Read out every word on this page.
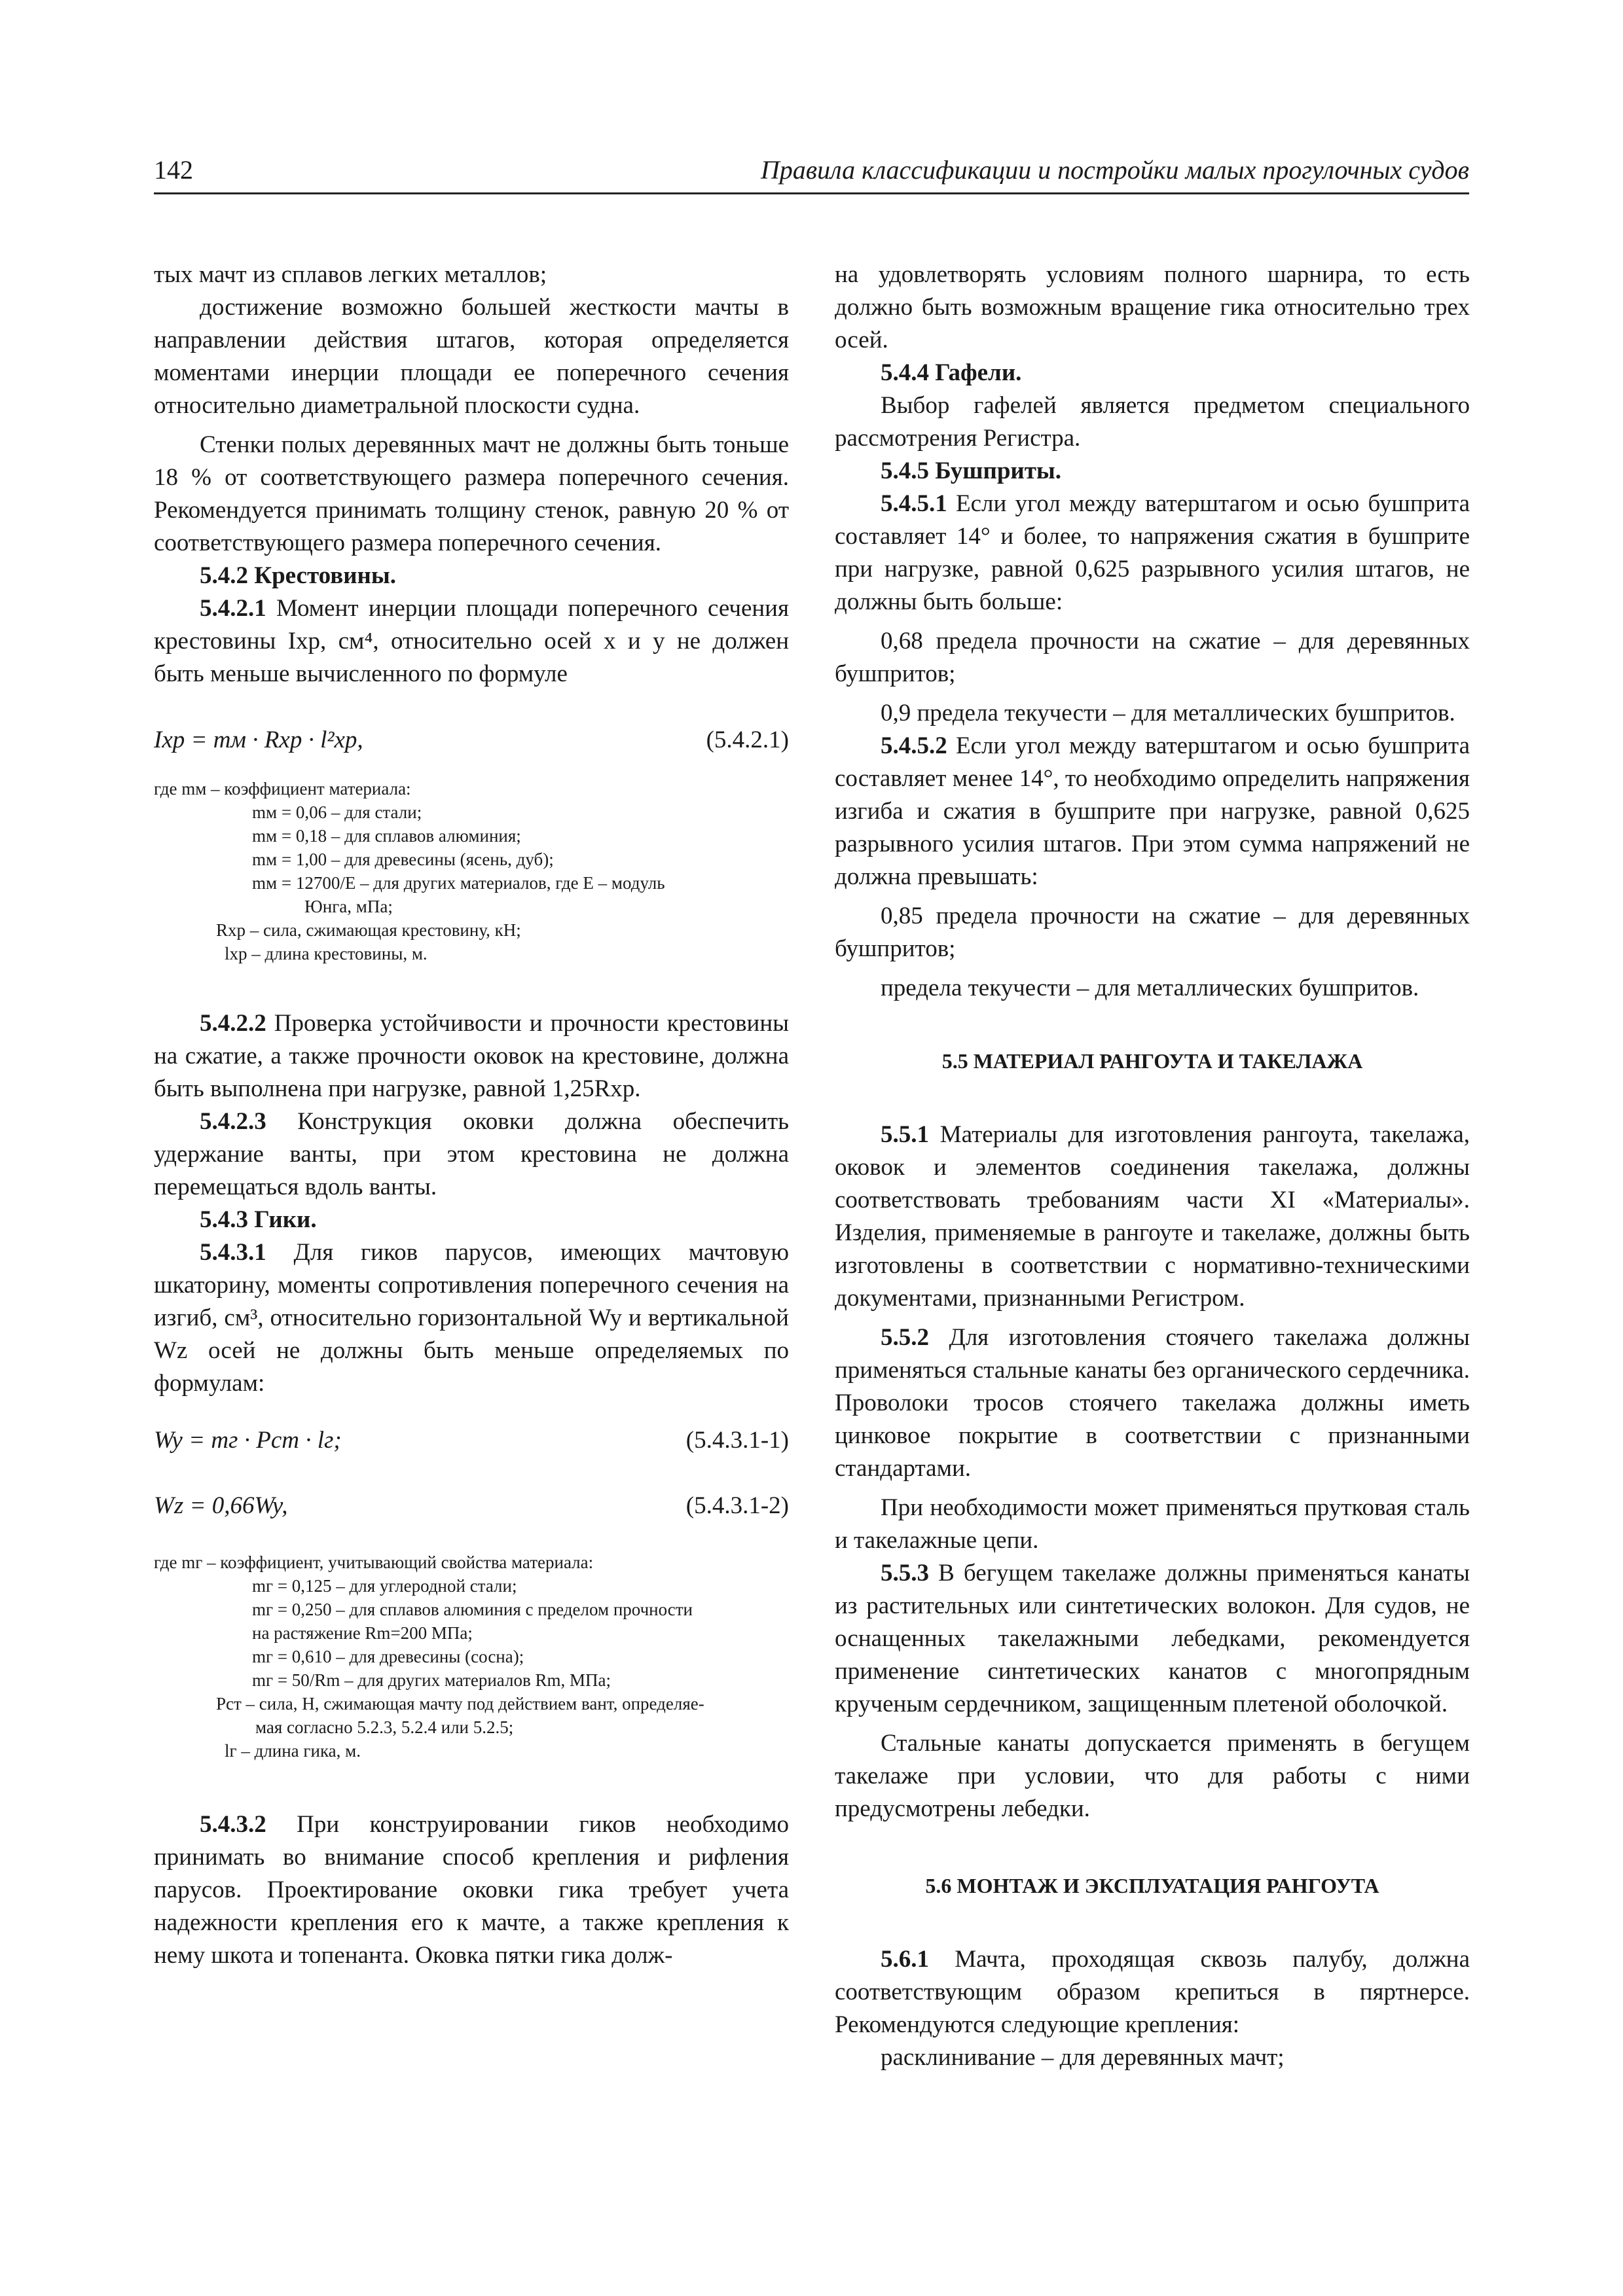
142	Правила классификации и постройки малых прогулочных судов

тых мачт из сплавов легких металлов;

достижение возможно большей жесткости мачты в направлении действия штагов, которая определяется моментами инерции площади ее поперечного сечения относительно диаметральной плоскости судна.

Стенки полых деревянных мачт не должны быть тоньше 18 % от соответствующего размера поперечного сечения. Рекомендуется принимать толщину стенок, равную 20 % от соответствующего размера поперечного сечения.

5.4.2 Крестовины.

5.4.2.1 Момент инерции площади поперечного сечения крестовины Iхр, см⁴, относительно осей x и y не должен быть меньше вычисленного по формуле

Iхр = mм · Rхр · l²хр,	(5.4.2.1)

где mм – коэффициент материала:

mм = 0,06 – для стали;

mм = 0,18 – для сплавов алюминия;

mм = 1,00 – для древесины (ясень, дуб);

mм = 12700/E – для других материалов, где E – модуль

Юнга, мПа;

Rхр – сила, сжимающая крестовину, кН;

lхр – длина крестовины, м.

5.4.2.2 Проверка устойчивости и прочности крестовины на сжатие, а также прочности оковок на крестовине, должна быть выполнена при нагрузке, равной 1,25Rхр.

5.4.2.3 Конструкция оковки должна обеспечить удержание ванты, при этом крестовина не должна перемещаться вдоль ванты.

5.4.3 Гики.

5.4.3.1 Для гиков парусов, имеющих мачтовую шкаторину, моменты сопротивления поперечного сечения на изгиб, см³, относительно горизонтальной Wy и вертикальной Wz осей не должны быть меньше определяемых по формулам:

Wy = mг · Pст · lг;	(5.4.3.1-1)
Wz = 0,66Wy,	(5.4.3.1-2)

где mг – коэффициент, учитывающий свойства материала:

mг = 0,125 – для углеродной стали;

mг = 0,250 – для сплавов алюминия с пределом прочности

на растяжение Rm=200 МПа;

mг = 0,610 – для древесины (сосна);

mг = 50/Rm – для других материалов Rm, МПа;

Pст – сила, Н, сжимающая мачту под действием вант, определяе-

мая согласно 5.2.3, 5.2.4 или 5.2.5;

lг – длина гика, м.

5.4.3.2 При конструировании гиков необходимо принимать во внимание способ крепления и рифления парусов. Проектирование оковки гика требует учета надежности крепления его к мачте, а также крепления к нему шкота и топенанта. Оковка пятки гика долж-

на удовлетворять условиям полного шарнира, то есть должно быть возможным вращение гика относительно трех осей.

5.4.4 Гафели.

Выбор гафелей является предметом специального рассмотрения Регистра.

5.4.5 Бушприты.

5.4.5.1 Если угол между ватерштагом и осью бушприта составляет 14° и более, то напряжения сжатия в бушприте при нагрузке, равной 0,625 разрывного усилия штагов, не должны быть больше:

0,68 предела прочности на сжатие – для деревянных бушпритов;

0,9 предела текучести – для металлических бушпритов.

5.4.5.2 Если угол между ватерштагом и осью бушприта составляет менее 14°, то необходимо определить напряжения изгиба и сжатия в бушприте при нагрузке, равной 0,625 разрывного усилия штагов. При этом сумма напряжений не должна превышать:

0,85 предела прочности на сжатие – для деревянных бушпритов;

предела текучести – для металлических бушпритов.

5.5 МАТЕРИАЛ РАНГОУТА И ТАКЕЛАЖА

5.5.1 Материалы для изготовления рангоута, такелажа, оковок и элементов соединения такелажа, должны соответствовать требованиям части XI «Материалы». Изделия, применяемые в рангоуте и такелаже, должны быть изготовлены в соответствии с нормативно-техническими документами, признанными Регистром.

5.5.2 Для изготовления стоячего такелажа должны применяться стальные канаты без органического сердечника. Проволоки тросов стоячего такелажа должны иметь цинковое покрытие в соответствии с признанными стандартами.

При необходимости может применяться прутковая сталь и такелажные цепи.

5.5.3 В бегущем такелаже должны применяться канаты из растительных или синтетических волокон. Для судов, не оснащенных такелажными лебедками, рекомендуется применение синтетических канатов с многопрядным крученым сердечником, защищенным плетеной оболочкой.

Стальные канаты допускается применять в бегущем такелаже при условии, что для работы с ними предусмотрены лебедки.

5.6 МОНТАЖ И ЭКСПЛУАТАЦИЯ РАНГОУТА

5.6.1 Мачта, проходящая сквозь палубу, должна соответствующим образом крепиться в пяртнерсе. Рекомендуются следующие крепления:

расклинивание – для деревянных мачт;
